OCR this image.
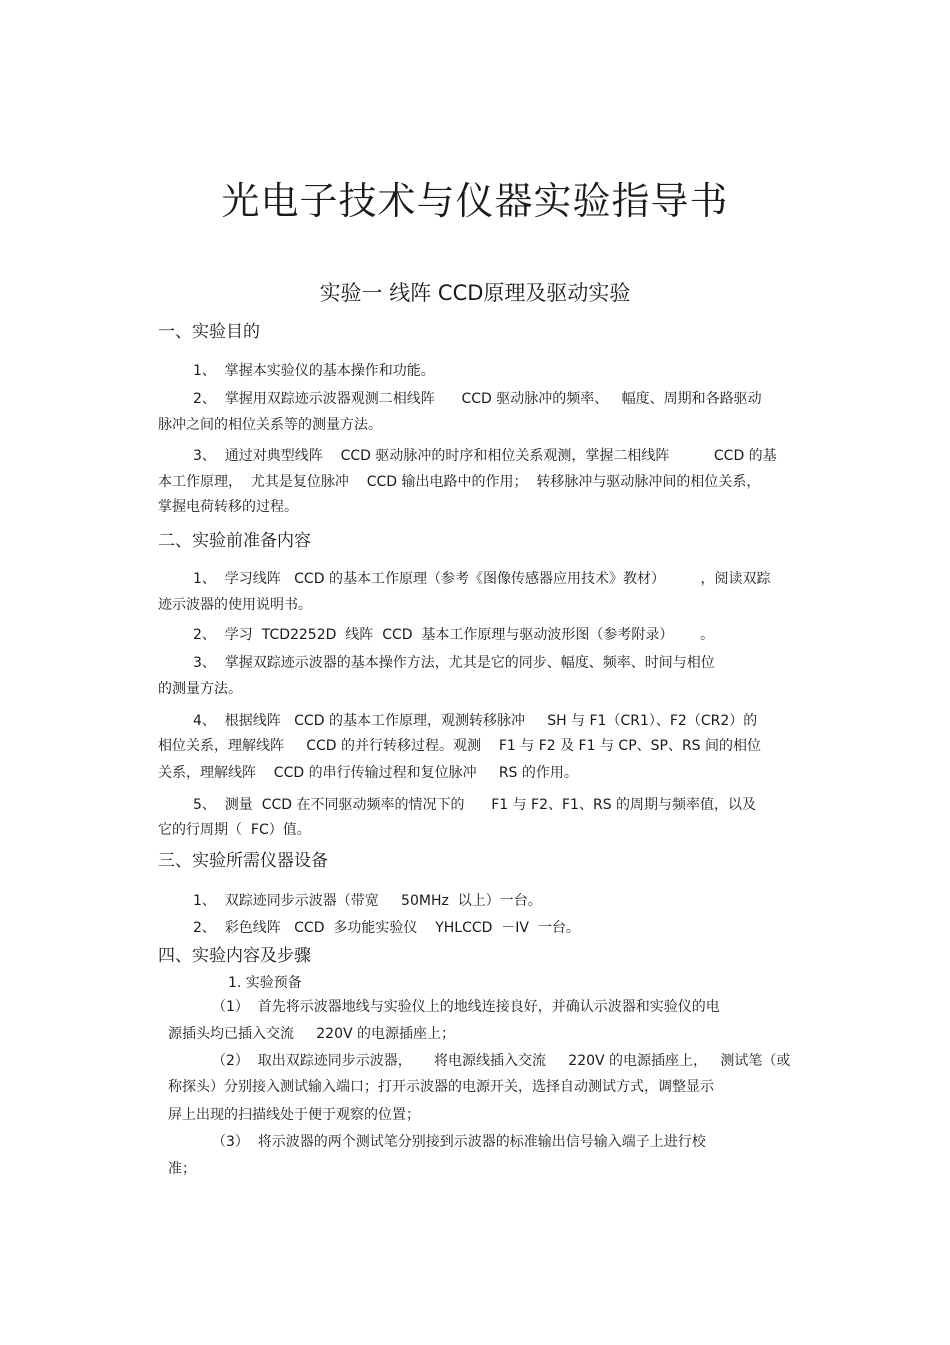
光电子技术与仪器实验指导书
实验一 线阵 CCD原理及驱动实验
一、实验目的
1、  掌握本实验仪的基本操作和功能。
2、  掌握用双踪迹示波器观测二相线阵      CCD 驱动脉冲的频率、   幅度、周期和各路驱动
脉冲之间的相位关系等的测量方法。
3、  通过对典型线阵    CCD 驱动脉冲的时序和相位关系观测，掌握二相线阵          CCD 的基
本工作原理，  尤其是复位脉冲    CCD 输出电路中的作用；  转移脉冲与驱动脉冲间的相位关系，
掌握电荷转移的过程。
二、实验前准备内容
1、  学习线阵   CCD 的基本工作原理（参考《图像传感器应用技术》教材）        ，阅读双踪
迹示波器的使用说明书。
2、  学习  TCD2252D  线阵  CCD  基本工作原理与驱动波形图（参考附录）      。
3、  掌握双踪迹示波器的基本操作方法，尤其是它的同步、幅度、频率、时间与相位
的测量方法。
4、  根据线阵   CCD 的基本工作原理，观测转移脉冲     SH 与 F1（CR1）、F2（CR2）的
相位关系，理解线阵     CCD 的并行转移过程。观测    F1 与 F2 及 F1 与 CP、SP、RS 间的相位
关系，理解线阵    CCD 的串行传输过程和复位脉冲     RS 的作用。
5、  测量  CCD 在不同驱动频率的情况下的      F1 与 F2、F1、RS 的周期与频率值，以及
它的行周期（  FC）值。
三、实验所需仪器设备
1、  双踪迹同步示波器（带宽     50MHz  以上）一台。
2、  彩色线阵   CCD  多功能实验仪    YHLCCD  －IV  一台。
四、实验内容及步骤
1. 实验预备
（1）  首先将示波器地线与实验仪上的地线连接良好，并确认示波器和实验仪的电
源插头均已插入交流     220V 的电源插座上；
（2）  取出双踪迹同步示波器，     将电源线插入交流     220V 的电源插座上，   测试笔（或
称探头）分别接入测试输入端口；打开示波器的电源开关，选择自动测试方式，调整显示
屏上出现的扫描线处于便于观察的位置；
（3）  将示波器的两个测试笔分别接到示波器的标准输出信号输入端子上进行校
准；
